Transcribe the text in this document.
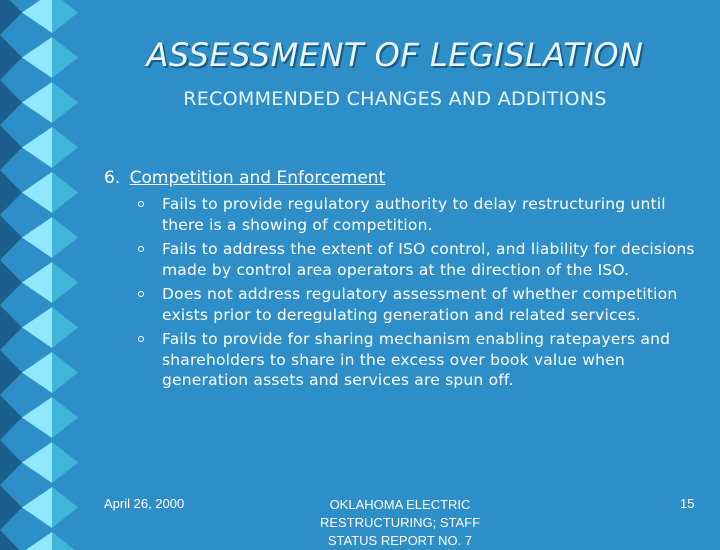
ASSESSMENT OF LEGISLATION
RECOMMENDED CHANGES AND ADDITIONS
6. Competition and Enforcement
Fails to provide regulatory authority to delay restructuring until there is a showing of competition.
Fails to address the extent of ISO control, and liability for decisions made by control area operators at the direction of the ISO.
Does not address regulatory assessment of whether competition exists prior to deregulating generation and related services.
Fails to provide for sharing mechanism enabling ratepayers and shareholders to share in the excess over book value when generation assets and services are spun off.
April 26, 2000	OKLAHOMA ELECTRIC
RESTRUCTURING; STAFF
STATUS REPORT NO. 7
15
